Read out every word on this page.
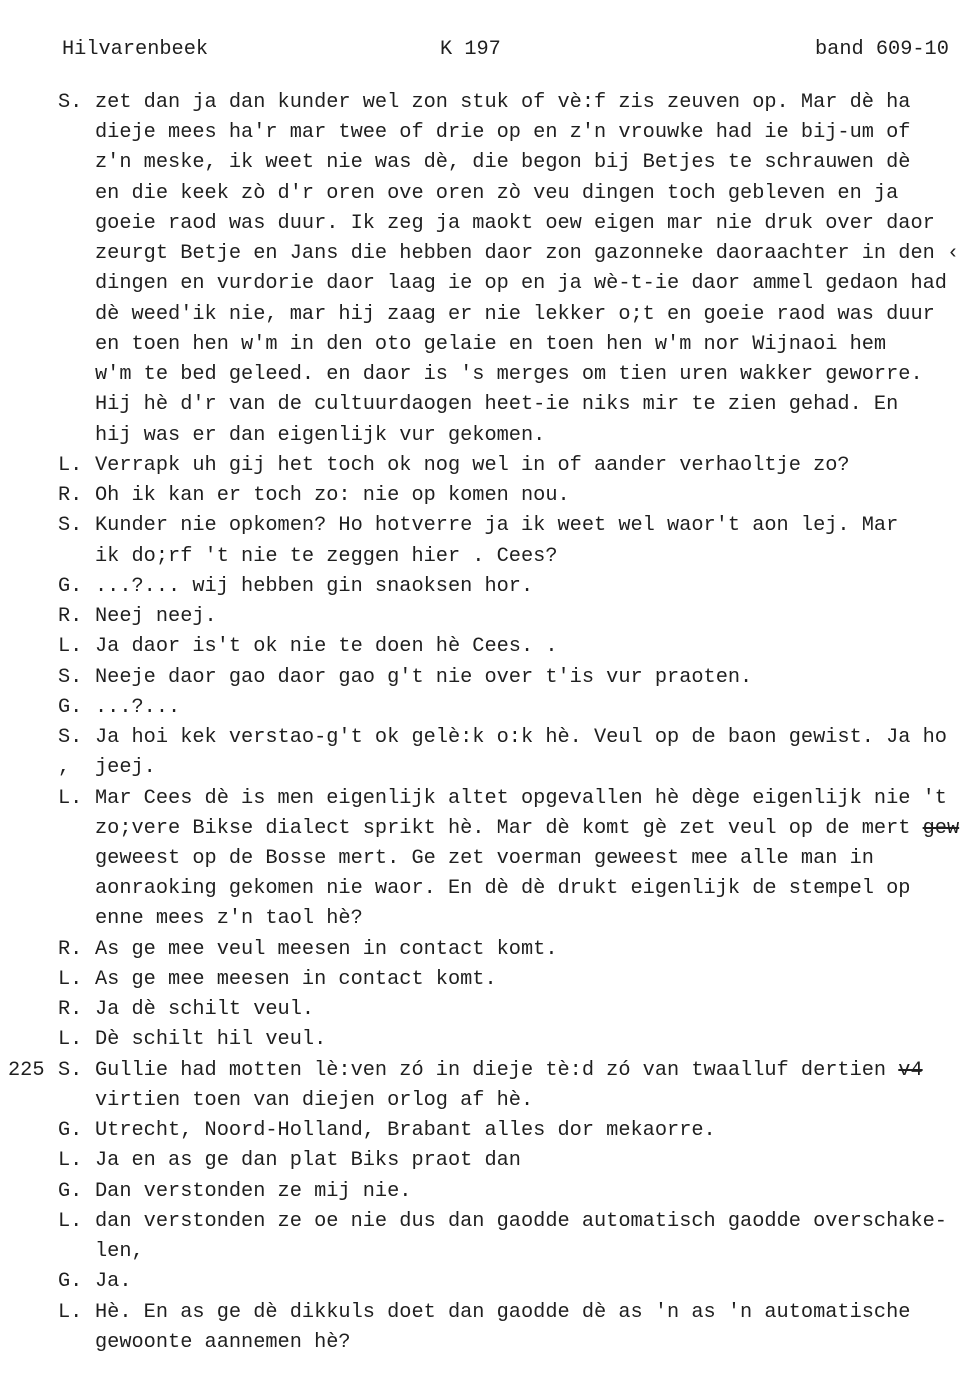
Hilvarenbeek	K 197	band 609-10
S. zet dan ja dan kunder wel zon stuk of vè:f zis zeuven op. Mar dè ha
dieje mees ha'r mar twee of drie op en z'n vrouwke had ie bij-um of
z'n meske, ik weet nie was dè, die begon bij Betjes te schrauwen dè
en die keek zò d'r oren ove oren zò veu dingen toch gebleven en ja
goeie raod was duur. Ik zeg ja maokt oew eigen mar nie druk over daor
zeurgt Betje en Jans die hebben daor zon gazonneke daoraachter in den ‹
dingen en vurdorie daor laag ie op en ja wè-t-ie daor ammel gedaon had
dè weed'ik nie, mar hij zaag er nie lekker o;t en goeie raod was duur
en toen hen w'm in den oto gelaie en toen hen w'm nor Wijnaoi hem
w'm te bed geleed. en daor is 's merges om tien uren wakker geworre.
Hij hè d'r van de cultuurdaogen heet-ie niks mir te zien gehad. En
hij was er dan eigenlijk vur gekomen.
L. Verrapk uh gij het toch ok nog wel in of aander verhaoltje zo?
R. Oh ik kan er toch zo: nie op komen nou.
S. Kunder nie opkomen? Ho hotverre ja ik weet wel waor't aon lej. Mar
ik do;rf 't nie te zeggen hier . Cees?
G. ...?... wij hebben gin snaoksen hor.
R. Neej neej.
L. Ja daor is't ok nie te doen hè Cees. .
S. Neeje daor gao daor gao g't nie over t'is vur praoten.
G. ...?...
S. Ja hoi kek verstao-g't ok gelè:k o:k hè. Veul op de baon gewist. Ja ho
, jeej.
L. Mar Cees dè is men eigenlijk altet opgevallen hè dège eigenlijk nie 't
zo;vere Bikse dialect sprikt hè. Mar dè komt gè zet veul op de mert gew
geweest op de Bosse mert. Ge zet voerman geweest mee alle man in
aonraoking gekomen nie waor. En dè dè drukt eigenlijk de stempel op
enne mees z'n taol hè?
R. As ge mee veul meesen in contact komt.
L. As ge mee meesen in contact komt.
R. Ja dè schilt veul.
L. Dè schilt hil veul.
225 S. Gullie had motten lè:ven zó in dieje tè:d zó van twaalluf dertien v4
virtien toen van diejen orlog af hè.
G. Utrecht, Noord-Holland, Brabant alles dor mekaorre.
L. Ja en as ge dan plat Biks praot dan
G. Dan verstonden ze mij nie.
L. dan verstonden ze oe nie dus dan gaodde automatisch gaodde overschake-
len,
G. Ja.
L. Hè. En as ge dè dikkuls doet dan gaodde dè as 'n as 'n automatische
gewoonte aannemen hè?
